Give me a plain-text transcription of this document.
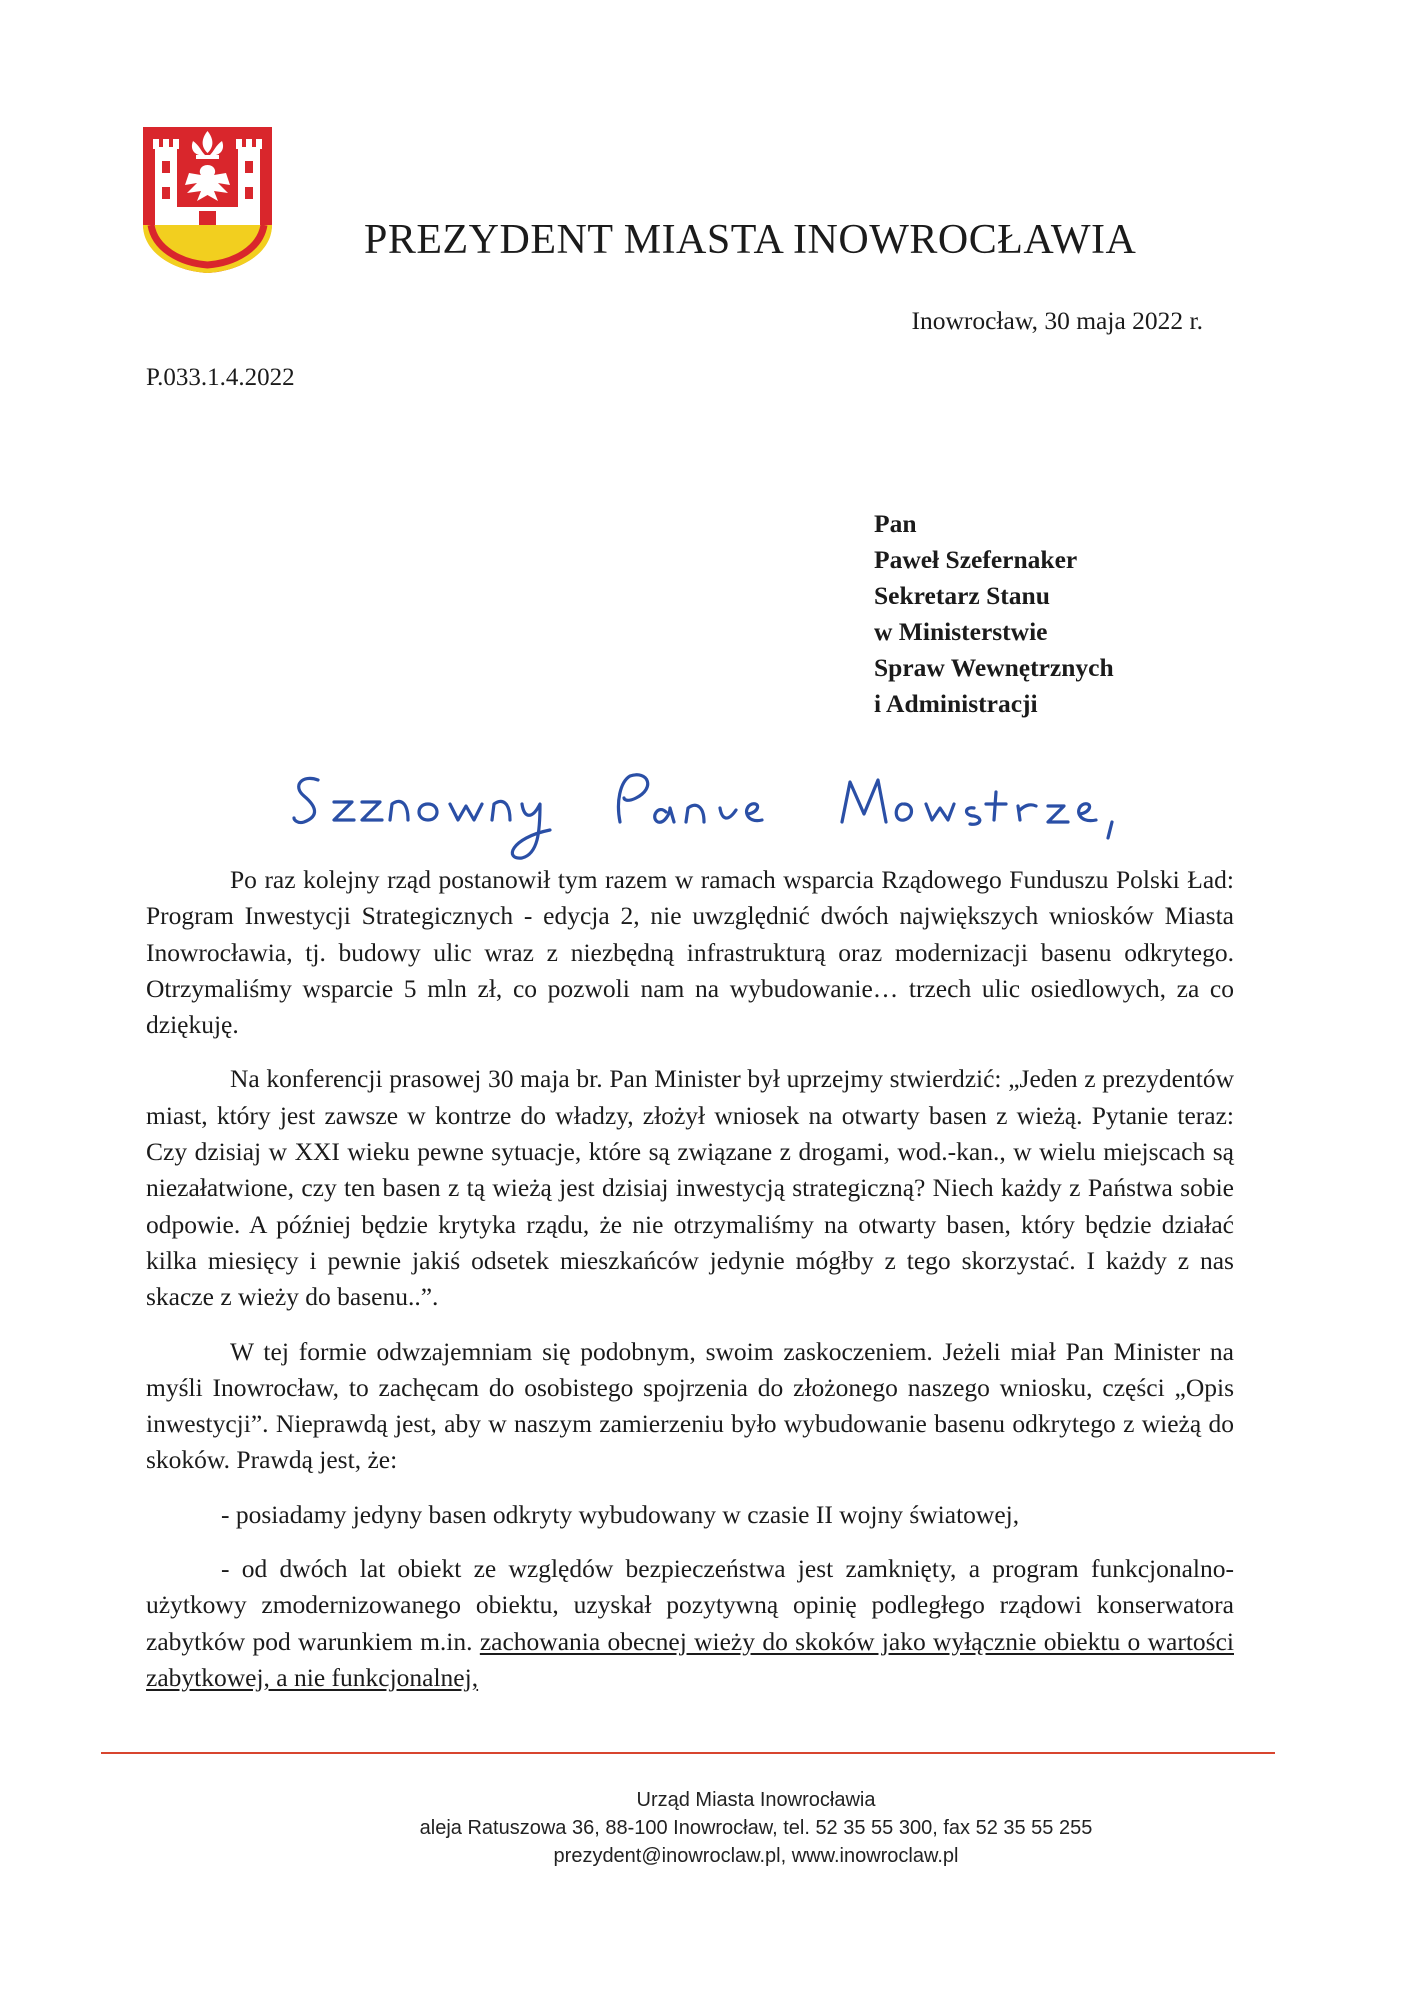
PREZYDENT MIASTA INOWROCŁAWIA
Inowrocław, 30 maja 2022 r.
P.033.1.4.2022
Pan
Paweł Szefernaker
Sekretarz Stanu
w Ministerstwie
Spraw Wewnętrznych
i Administracji

Po raz kolejny rząd postanowił tym razem w ramach wsparcia Rządowego Funduszu Polski Ład: Program Inwestycji Strategicznych - edycja 2, nie uwzględnić dwóch największych wniosków Miasta Inowrocławia, tj. budowy ulic wraz z niezbędną infrastrukturą oraz modernizacji basenu odkrytego. Otrzymaliśmy wsparcie 5 mln zł, co pozwoli nam na wybudowanie… trzech ulic osiedlowych, za co dziękuję.

Na konferencji prasowej 30 maja br. Pan Minister był uprzejmy stwierdzić: „Jeden z prezydentów miast, który jest zawsze w kontrze do władzy, złożył wniosek na otwarty basen z wieżą. Pytanie teraz: Czy dzisiaj w XXI wieku pewne sytuacje, które są związane z drogami, wod.-kan., w wielu miejscach są niezałatwione, czy ten basen z tą wieżą jest dzisiaj inwestycją strategiczną? Niech każdy z Państwa sobie odpowie. A później będzie krytyka rządu, że nie otrzymaliśmy na otwarty basen, który będzie działać kilka miesięcy i pewnie jakiś odsetek mieszkańców jedynie mógłby z tego skorzystać. I każdy z nas skacze z wieży do basenu..”.

W tej formie odwzajemniam się podobnym, swoim zaskoczeniem. Jeżeli miał Pan Minister na myśli Inowrocław, to zachęcam do osobistego spojrzenia do złożonego naszego wniosku, części „Opis inwestycji”. Nieprawdą jest, aby w naszym zamierzeniu było wybudowanie basenu odkrytego z wieżą do skoków. Prawdą jest, że:

- posiadamy jedyny basen odkryty wybudowany w czasie II wojny światowej,

- od dwóch lat obiekt ze względów bezpieczeństwa jest zamknięty, a program funkcjonalno-użytkowy zmodernizowanego obiektu, uzyskał pozytywną opinię podległego rządowi konserwatora zabytków pod warunkiem m.in. zachowania obecnej wieży do skoków jako wyłącznie obiektu o wartości zabytkowej, a nie funkcjonalnej,

Urząd Miasta Inowrocławia
aleja Ratuszowa 36, 88-100 Inowrocław, tel. 52 35 55 300, fax 52 35 55 255
prezydent@inowroclaw.pl, www.inowroclaw.pl
